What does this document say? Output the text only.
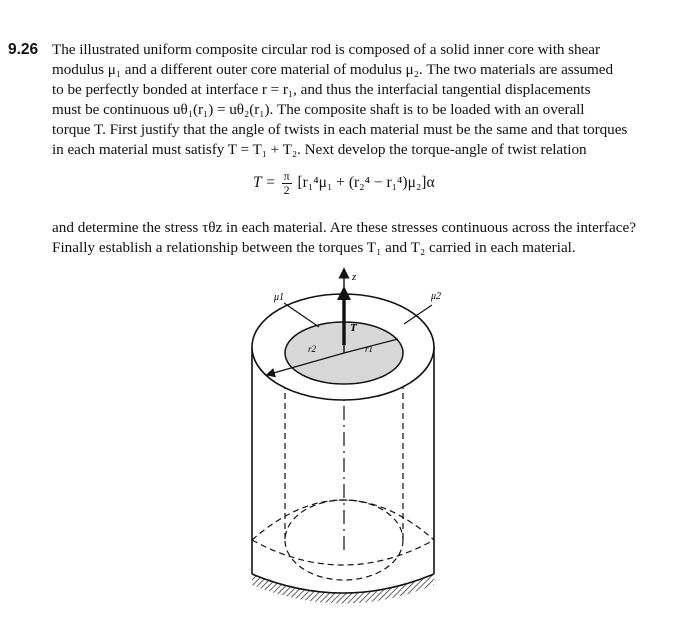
9.26 The illustrated uniform composite circular rod is composed of a solid inner core with shear
modulus μ₁ and a different outer core material of modulus μ₂. The two materials are assumed
to be perfectly bonded at interface r = r₁, and thus the interfacial tangential displacements
must be continuous uθ₁(r₁) = uθ₂(r₁). The composite shaft is to be loaded with an overall
torque T. First justify that the angle of twists in each material must be the same and that torques
in each material must satisfy T = T₁ + T₂. Next develop the torque-angle of twist relation
$T = \frac{\pi}{2} [r_1^4\mu_1 + (r_2^4 - r_1^4)\mu_2]\alpha$
and determine the stress τθz in each material. Are these stresses continuous across the interface?
Finally establish a relationship between the torques T₁ and T₂ carried in each material.
z
T
r1
r2
μ1	μ2
